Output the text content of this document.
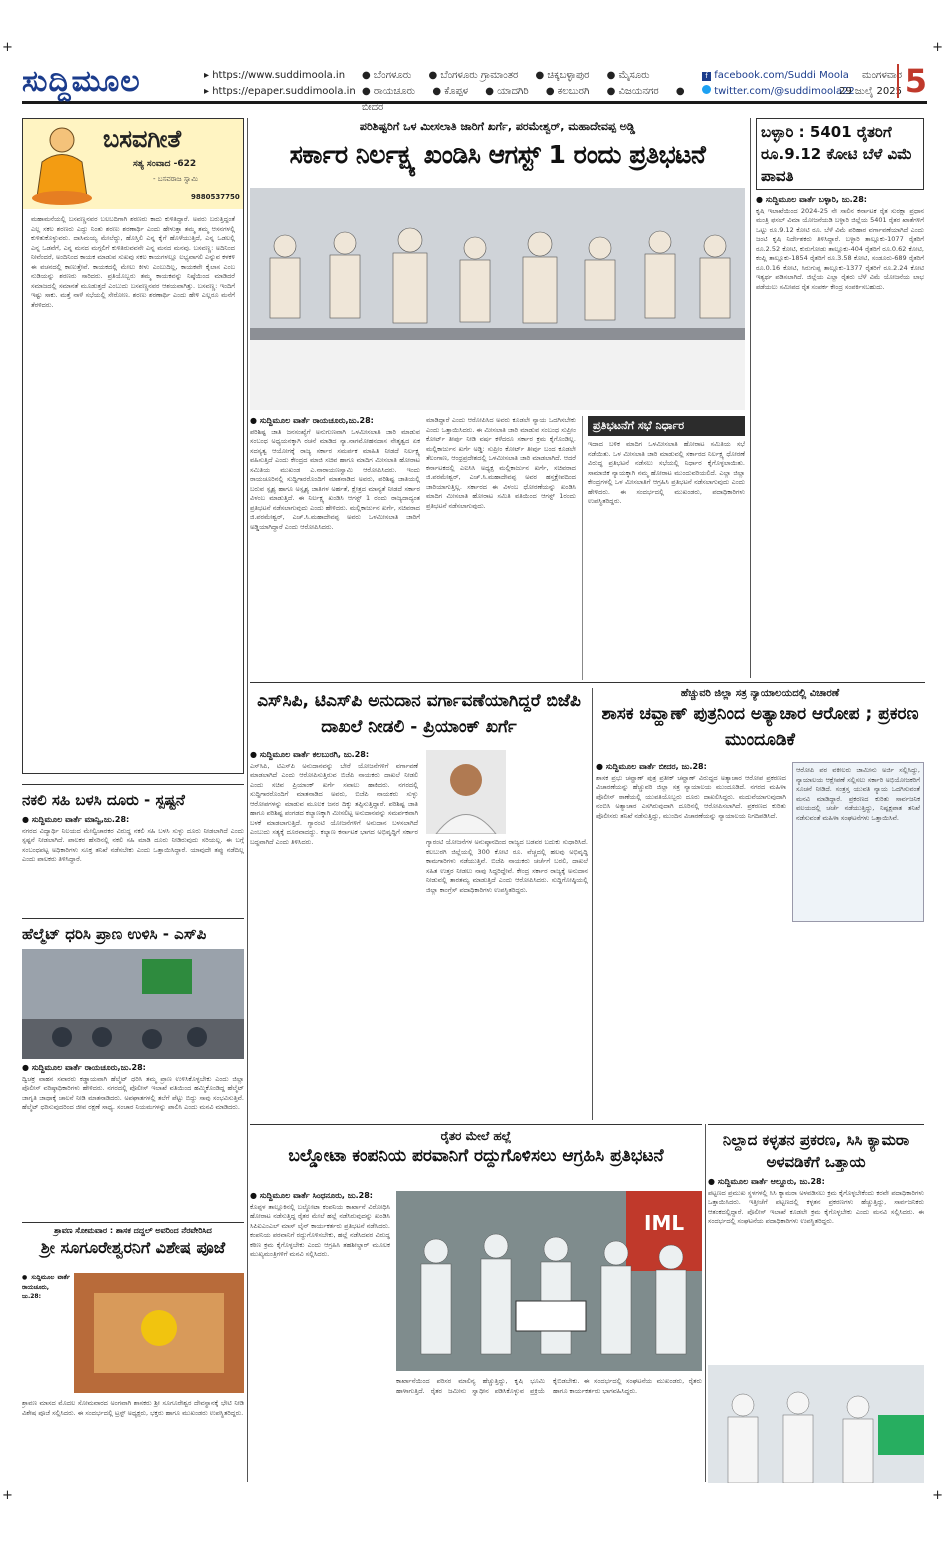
+	+
+	+
ಸುದ್ದಿಮೂಲ	▸ https://www.suddimoola.in
▸ https://epaper.suddimoola.in
● ಬೆಂಗಳೂರು ● ಬೆಂಗಳೂರು ಗ್ರಾಮಾಂತರ ● ಚಿಕ್ಕಬಳ್ಳಾಪುರ ● ಮೈಸೂರು
● ರಾಯಚೂರು ● ಕೊಪ್ಪಳ ● ಯಾದಗಿರಿ ● ಕಲಬುರಗಿ ● ವಿಜಯನಗರ ● ಬೀದರ
f facebook.com/Suddi Moola
twitter.com/@suddimoola22
ಮಂಗಳವಾರ
29 ಜುಲೈ 2025 5
ಬಸವಗೀತೆ
ಸತ್ಯ ಸಂವಾದ -622
- ಬಸವರಾಜ ಸ್ವಾಮಿ
9880537750
ಮಹಾಮನೆಯಲ್ಲಿ ಬಸವಣ್ಣನವರ ಬಲಬದಿಗಾಗಿ ಶರಣರು ಕಾದು ಕುಳಿತಿದ್ದಾರೆ. ಅವರು ಬರುತ್ತಿದ್ದಂತೆ ಎಲ್ಲ ಸಕಲ ಶರಣರು ಎದ್ದು ನಿಂತು ಶರಣು ಶರಣಾರ್ಥಿ ಎಂದು ಹೇಳುತ್ತಾ ತಮ್ಮ ತಮ್ಮ ಆಸನಗಳಲ್ಲಿ ಕುಳಿತುಕೊಳ್ಳುವರು. ದಾಸಿಮಯ್ಯ ಮೇಲೆದ್ದು, ಹೊಸ್ತಿಲಿ ಎನ್ನ ಕೈಗೆ ಹೊಳೆಯುತ್ತಿದೆ, ಎನ್ನ ಒಡಲಲ್ಲಿ ಎನ್ನ ಒಡವೆಗೆ, ಎನ್ನ ಮನದ ಮಗ್ಗಲಿಗೆ ಕುಳಿತಿರುವವನೇ ಎನ್ನ ಮನದ ಮನವು. ಬಸವಣ್ಣ: ಅದಿನಿಂದ ನೀವೆಂದರೆ, ಅಂದಿನಿಂದ ಕಾಯಕ ಮಾಡುವ ಸುಖವು ಸಕಲ ಕಾಯಗಳಲ್ಲೂ ಲಭ್ಯವಾಗಲಿ ಎನ್ನುವ ಕಳಕಳಿ ಈ ವಚನದಲ್ಲಿ ಕಾಣುತ್ತೇವೆ. ಕಾಯಕದಲ್ಲಿ ಮೇಲು ಕೀಳು ಎಂಬುದಿಲ್ಲ, ಕಾಯಕವೇ ಕೈಲಾಸ ಎಂಬ ನುಡಿಯನ್ನು ಶರಣರು ಸಾರಿದರು. ಪ್ರತಿಯೊಬ್ಬರು ತಮ್ಮ ಕಾಯಕವನ್ನು ನಿಷ್ಠೆಯಿಂದ ಮಾಡಿದರೆ ಸಮಾಜದಲ್ಲಿ ಸಮಾನತೆ ಮೂಡುತ್ತದೆ ಎಂಬುದು ಬಸವಣ್ಣನವರ ಆಶಯವಾಗಿತ್ತು. ಬಸವಣ್ಣ: ಇಂದಿಗೆ ಇಷ್ಟು ಸಾಕು. ಮತ್ತೆ ನಾಳೆ ಸಭೆಯಲ್ಲಿ ಸೇರೋಣ. ಶರಣು ಶರಣಾರ್ಥಿ ಎಂದು ಹೇಳಿ ಎಲ್ಲರೂ ಮನೆಗೆ ತೆರಳಿದರು.
ಪರಿಶಿಷ್ಟರಿಗೆ ಒಳ ಮೀಸಲಾತಿ ಜಾರಿಗೆ ಖರ್ಗೆ, ಪರಮೇಶ್ವರ್, ಮಹಾದೇವಪ್ಪ ಅಡ್ಡಿ
ಸರ್ಕಾರ ನಿರ್ಲಕ್ಷ್ಯ ಖಂಡಿಸಿ ಆಗಸ್ಟ್ 1 ರಂದು ಪ್ರತಿಭಟನೆ
● ಸುದ್ದಿಮೂಲ ವಾರ್ತೆ ರಾಯಚೂರು,ಜು.28:
ಪರಿಶಿಷ್ಟ ಜಾತಿ ಜನಸಂಖ್ಯೆಗೆ ಅನುಗುಣವಾಗಿ ಒಳಮೀಸಲಾತಿ ಜಾರಿ ಮಾಡುವ ಸಂಬಂಧ ಅಧ್ಯಯನಕ್ಕಾಗಿ ರಚನೆ ಮಾಡಿದ ನ್ಯಾ.ನಾಗಮೋಹನದಾಸ ನೇತೃತ್ವದ ಏಕ ಸದಸ್ಯತ್ವ ಆಯೋಗಕ್ಕೆ ರಾಜ್ಯ ಸರ್ಕಾರ ಸಮರ್ಪಕ ಮಾಹಿತಿ ನೀಡದೆ ನಿರ್ಲಕ್ಷ್ಯ ವಹಿಸುತ್ತಿದೆ ಎಂದು ಕೇಂದ್ರದ ಮಾಜಿ ಸಚಿವ ಹಾಗೂ ಮಾದಿಗ ಮೀಸಲಾತಿ ಹೋರಾಟ ಸಮಿತಿಯ ಮುಖಂಡ ಎ.ನಾರಾಯಣಸ್ವಾಮಿ ಆರೋಪಿಸಿದರು. ಇಂದು ರಾಯಚೂರಿನಲ್ಲಿ ಸುದ್ದಿಗಾರರೊಂದಿಗೆ ಮಾತನಾಡಿದ ಅವರು, ಪರಿಶಿಷ್ಟ ಜಾತಿಯಲ್ಲಿ ಬರುವ ಸ್ಪೃಶ್ಯ ಹಾಗೂ ಅಸ್ಪೃಶ್ಯ ಜಾತಿಗಳ ಅರ್ಹತೆ, ಕ್ಷೇತ್ರದ ಮಾನ್ಯತೆ ನೀಡದೆ ಸರ್ಕಾರ ವಿಳಂಬ ಮಾಡುತ್ತಿದೆ. ಈ ನಿರ್ಲಕ್ಷ್ಯ ಖಂಡಿಸಿ ಆಗಸ್ಟ್ 1 ರಂದು ರಾಜ್ಯದಾದ್ಯಂತ ಪ್ರತಿಭಟನೆ ನಡೆಸಲಾಗುವುದು ಎಂದು ಹೇಳಿದರು. ಮಲ್ಲಿಕಾರ್ಜುನ ಖರ್ಗೆ, ಸಚಿವರಾದ ಜಿ.ಪರಮೇಶ್ವರ್, ಎಚ್.ಸಿ.ಮಹಾದೇವಪ್ಪ ಅವರು ಒಳಮೀಸಲಾತಿ ಜಾರಿಗೆ ಅಡ್ಡಿಯಾಗಿದ್ದಾರೆ ಎಂದು ಆರೋಪಿಸಿದರು.
ಮಾಡಿದ್ದಾರೆ ಎಂದು ಆರೋಪಿಸಿದ ಅವರು ಕೂಡಲೇ ನ್ಯಾಯ ಒದಗಿಸಬೇಕು ಎಂದು ಒತ್ತಾಯಿಸಿದರು. ಈ ಮೀಸಲಾತಿ ಜಾರಿ ಮಾಡುವ ಸಂಬಂಧ ಸುಪ್ರೀಂ ಕೋರ್ಟ್ ತೀರ್ಪು ನೀಡಿ ವರ್ಷ ಕಳೆದರೂ ಸರ್ಕಾರ ಕ್ರಮ ಕೈಗೊಂಡಿಲ್ಲ. ಮಲ್ಲಿಕಾರ್ಜುನ ಖರ್ಗೆ ಅಡ್ಡಿ: ಸುಪ್ರೀಂ ಕೋರ್ಟ್ ತೀರ್ಪು ಬಂದ ಕೂಡಲೇ ತೆಲಂಗಾಣ, ಆಂಧ್ರಪ್ರದೇಶದಲ್ಲಿ ಒಳಮೀಸಲಾತಿ ಜಾರಿ ಮಾಡಲಾಗಿದೆ. ಆದರೆ ಕರ್ನಾಟಕದಲ್ಲಿ ಎಐಸಿಸಿ ಅಧ್ಯಕ್ಷ ಮಲ್ಲಿಕಾರ್ಜುನ ಖರ್ಗೆ, ಸಚಿವರಾದ ಜಿ.ಪರಮೇಶ್ವರ್, ಎಚ್.ಸಿ.ಮಹಾದೇವಪ್ಪ ಅವರ ಹಸ್ತಕ್ಷೇಪದಿಂದ ಜಾರಿಯಾಗುತ್ತಿಲ್ಲ. ಸರ್ಕಾರದ ಈ ವಿಳಂಬ ಧೋರಣೆಯನ್ನು ಖಂಡಿಸಿ ಮಾದಿಗ ಮೀಸಲಾತಿ ಹೋರಾಟ ಸಮಿತಿ ವತಿಯಿಂದ ಆಗಸ್ಟ್ 1ರಂದು ಪ್ರತಿಭಟನೆ ನಡೆಸಲಾಗುವುದು.
ಪ್ರತಿಭಟನೆಗೆ ಸಭೆ ನಿರ್ಧಾರ
ಇದಾದ ಬಳಿಕ ಮಾದಿಗ ಒಳಮೀಸಲಾತಿ ಹೋರಾಟ ಸಮಿತಿಯ ಸಭೆ ನಡೆಯಿತು. ಒಳ ಮೀಸಲಾತಿ ಜಾರಿ ಮಾಡುವಲ್ಲಿ ಸರ್ಕಾರದ ನಿರ್ಲಕ್ಷ್ಯ ಧೋರಣೆ ವಿರುದ್ಧ ಪ್ರತಿಭಟನೆ ನಡೆಸಲು ಸಭೆಯಲ್ಲಿ ನಿರ್ಧಾರ ಕೈಗೊಳ್ಳಲಾಯಿತು. ಸಾಮಾಜಿಕ ನ್ಯಾಯಕ್ಕಾಗಿ ನಮ್ಮ ಹೋರಾಟ ಮುಂದುವರಿಯಲಿದೆ. ಎಲ್ಲಾ ಜಿಲ್ಲಾ ಕೇಂದ್ರಗಳಲ್ಲಿ ಒಳ ಮೀಸಲಾತಿಗೆ ಆಗ್ರಹಿಸಿ ಪ್ರತಿಭಟನೆ ನಡೆಸಲಾಗುವುದು ಎಂದು ಹೇಳಿದರು. ಈ ಸಂದರ್ಭದಲ್ಲಿ ಮುಖಂಡರು, ಪದಾಧಿಕಾರಿಗಳು ಉಪಸ್ಥಿತರಿದ್ದರು.
ಬಳ್ಳಾರಿ : 5401 ರೈತರಿಗೆ ರೂ.9.12 ಕೋಟಿ ಬೆಳೆ ವಿಮೆ ಪಾವತಿ
● ಸುದ್ದಿಮೂಲ ವಾರ್ತೆ ಬಳ್ಳಾರಿ, ಜು.28:
ಕೃಷಿ ಇಲಾಖೆಯಿಂದ 2024-25 ನೇ ಸಾಲಿನ ಕರ್ನಾಟಕ ರೈತ ಸುರಕ್ಷಾ ಪ್ರಧಾನ ಮಂತ್ರಿ ಫಸಲ್ ವಿಮಾ ಯೋಜನೆಯಡಿ ಬಳ್ಳಾರಿ ಜಿಲ್ಲೆಯ 5401 ರೈತರ ಖಾತೆಗಳಿಗೆ ಒಟ್ಟು ರೂ.9.12 ಕೋಟಿ ರೂ. ಬೆಳೆ ವಿಮೆ ಪರಿಹಾರ ವರ್ಗಾವಣೆಯಾಗಿದೆ ಎಂದು ಜಂಟಿ ಕೃಷಿ ನಿರ್ದೇಶಕರು ತಿಳಿಸಿದ್ದಾರೆ. ಬಳ್ಳಾರಿ ತಾಲ್ಲೂಕು-1077 ರೈತರಿಗೆ ರೂ.2.52 ಕೋಟಿ, ಕುರುಗೋಡು ತಾಲ್ಲೂಕು-404 ರೈತರಿಗೆ ರೂ.0.62 ಕೋಟಿ, ಕಂಪ್ಲಿ ತಾಲ್ಲೂಕು-1854 ರೈತರಿಗೆ ರೂ.3.58 ಕೋಟಿ, ಸಂಡೂರು-689 ರೈತರಿಗೆ ರೂ.0.16 ಕೋಟಿ, ಸಿರುಗುಪ್ಪ ತಾಲ್ಲೂಕು-1377 ರೈತರಿಗೆ ರೂ.2.24 ಕೋಟಿ ಇತ್ಯರ್ಥ ಪಡಿಸಲಾಗಿದೆ. ಜಿಲ್ಲೆಯ ಎಲ್ಲಾ ರೈತರು ಬೆಳೆ ವಿಮೆ ಯೋಜನೆಯ ಲಾಭ ಪಡೆಯಲು ಸಮೀಪದ ರೈತ ಸಂಪರ್ಕ ಕೇಂದ್ರ ಸಂಪರ್ಕಿಸಬಹುದು.
ಎಸ್‌ಸಿಪಿ, ಟಿಎಸ್‌ಪಿ ಅನುದಾನ ವರ್ಗಾವಣೆಯಾಗಿದ್ದರೆ ಬಿಜೆಪಿ ದಾಖಲೆ ನೀಡಲಿ - ಪ್ರಿಯಾಂಕ್ ಖರ್ಗೆ
● ಸುದ್ದಿಮೂಲ ವಾರ್ತೆ ಕಲಬುರಗಿ, ಜು.28:
ಎಸ್‌ಸಿಪಿ, ಟಿಎಸ್‌ಪಿ ಅನುದಾನವನ್ನು ಬೇರೆ ಯೋಜನೆಗಳಿಗೆ ವರ್ಗಾವಣೆ ಮಾಡಲಾಗಿದೆ ಎಂದು ಆರೋಪಿಸುತ್ತಿರುವ ಬಿಜೆಪಿ ನಾಯಕರು ದಾಖಲೆ ನೀಡಲಿ ಎಂದು ಸಚಿವ ಪ್ರಿಯಾಂಕ್ ಖರ್ಗೆ ಸವಾಲು ಹಾಕಿದರು. ನಗರದಲ್ಲಿ ಸುದ್ದಿಗಾರರೊಂದಿಗೆ ಮಾತನಾಡಿದ ಅವರು, ಬಿಜೆಪಿ ನಾಯಕರು ಸುಳ್ಳು ಆರೋಪಗಳನ್ನು ಮಾಡುವ ಮೂಲಕ ಜನರ ದಿಕ್ಕು ತಪ್ಪಿಸುತ್ತಿದ್ದಾರೆ. ಪರಿಶಿಷ್ಟ ಜಾತಿ ಹಾಗೂ ಪರಿಶಿಷ್ಟ ಪಂಗಡದ ಕಲ್ಯಾಣಕ್ಕಾಗಿ ಮೀಸಲಿಟ್ಟ ಅನುದಾನವನ್ನು ಸಮರ್ಪಕವಾಗಿ ಬಳಕೆ ಮಾಡಲಾಗುತ್ತಿದೆ. ಗ್ಯಾರಂಟಿ ಯೋಜನೆಗಳಿಗೆ ಅನುದಾನ ಬಳಸಲಾಗಿದೆ ಎಂಬುದು ಸತ್ಯಕ್ಕೆ ದೂರವಾದದ್ದು. ಕಲ್ಯಾಣ ಕರ್ನಾಟಕ ಭಾಗದ ಅಭಿವೃದ್ಧಿಗೆ ಸರ್ಕಾರ ಬದ್ಧವಾಗಿದೆ ಎಂದು ತಿಳಿಸಿದರು.	ಗ್ಯಾರಂಟಿ ಯೋಜನೆಗಳ ಅನುಷ್ಠಾನದಿಂದ ರಾಜ್ಯದ ಬಡವರ ಬದುಕು ಸುಧಾರಿಸಿದೆ. ಕಲಬುರಗಿ ಜಿಲ್ಲೆಯಲ್ಲಿ 300 ಕೋಟಿ ರೂ. ವೆಚ್ಚದಲ್ಲಿ ಹಲವು ಅಭಿವೃದ್ಧಿ ಕಾಮಗಾರಿಗಳು ನಡೆಯುತ್ತಿವೆ. ಬಿಜೆಪಿ ನಾಯಕರು ಚರ್ಚೆಗೆ ಬರಲಿ, ದಾಖಲೆ ಸಹಿತ ಉತ್ತರ ನೀಡಲು ನಾವು ಸಿದ್ಧರಿದ್ದೇವೆ. ಕೇಂದ್ರ ಸರ್ಕಾರ ರಾಜ್ಯಕ್ಕೆ ಅನುದಾನ ನೀಡುವಲ್ಲಿ ತಾರತಮ್ಯ ಮಾಡುತ್ತಿದೆ ಎಂದು ಆರೋಪಿಸಿದರು. ಸುದ್ದಿಗೋಷ್ಠಿಯಲ್ಲಿ ಜಿಲ್ಲಾ ಕಾಂಗ್ರೆಸ್ ಪದಾಧಿಕಾರಿಗಳು ಉಪಸ್ಥಿತರಿದ್ದರು.
ಹೆಚ್ಚುವರಿ ಜಿಲ್ಲಾ ಸತ್ರ ನ್ಯಾಯಾಲಯದಲ್ಲಿ ವಿಚಾರಣೆ
ಶಾಸಕ ಚವ್ಹಾಣ್ ಪುತ್ರನಿಂದ ಅತ್ಯಾಚಾರ ಆರೋಪ ; ಪ್ರಕರಣ ಮುಂದೂಡಿಕೆ
● ಸುದ್ದಿಮೂಲ ವಾರ್ತೆ ಬೀದರ, ಜು.28:
ಶಾಸಕ ಪ್ರಭು ಚವ್ಹಾಣ್ ಪುತ್ರ ಪ್ರತೀಕ್ ಚವ್ಹಾಣ್ ವಿರುದ್ಧದ ಅತ್ಯಾಚಾರ ಆರೋಪ ಪ್ರಕರಣದ ವಿಚಾರಣೆಯನ್ನು ಹೆಚ್ಚುವರಿ ಜಿಲ್ಲಾ ಸತ್ರ ನ್ಯಾಯಾಲಯ ಮುಂದೂಡಿದೆ. ನಗರದ ಮಹಿಳಾ ಪೊಲೀಸ್ ಠಾಣೆಯಲ್ಲಿ ಯುವತಿಯೊಬ್ಬರು ದೂರು ದಾಖಲಿಸಿದ್ದರು. ಮದುವೆಯಾಗುವುದಾಗಿ ನಂಬಿಸಿ ಅತ್ಯಾಚಾರ ಎಸಗಿರುವುದಾಗಿ ದೂರಿನಲ್ಲಿ ಆರೋಪಿಸಲಾಗಿದೆ. ಪ್ರಕರಣದ ಕುರಿತು ಪೊಲೀಸರು ತನಿಖೆ ನಡೆಸುತ್ತಿದ್ದು, ಮುಂದಿನ ವಿಚಾರಣೆಯನ್ನು ನ್ಯಾಯಾಲಯ ನಿಗದಿಪಡಿಸಿದೆ.
ಆರೋಪಿ ಪರ ವಕೀಲರು ಜಾಮೀನು ಅರ್ಜಿ ಸಲ್ಲಿಸಿದ್ದು, ನ್ಯಾಯಾಲಯ ಆಕ್ಷೇಪಣೆ ಸಲ್ಲಿಸಲು ಸರ್ಕಾರಿ ಅಭಿಯೋಜಕರಿಗೆ ಸೂಚನೆ ನೀಡಿದೆ. ಸಂತ್ರಸ್ತ ಯುವತಿ ನ್ಯಾಯ ಒದಗಿಸುವಂತೆ ಮನವಿ ಮಾಡಿದ್ದಾರೆ. ಪ್ರಕರಣದ ಕುರಿತು ಸಾರ್ವಜನಿಕ ವಲಯದಲ್ಲಿ ಚರ್ಚೆ ನಡೆಯುತ್ತಿದ್ದು, ನಿಷ್ಪಕ್ಷಪಾತ ತನಿಖೆ ನಡೆಸುವಂತೆ ಮಹಿಳಾ ಸಂಘಟನೆಗಳು ಒತ್ತಾಯಿಸಿವೆ.
ನಕಲಿ ಸಹಿ ಬಳಸಿ ದೂರು - ಸ್ಪಷ್ಟನೆ
● ಸುದ್ದಿಮೂಲ ವಾರ್ತೆ ಮಾನ್ವಿ,ಜು.28:
ನಗರದ ವಿದ್ಯಾರ್ಥಿ ನಿಲಯದ ಮೇಲ್ವಿಚಾರಕರ ವಿರುದ್ಧ ನಕಲಿ ಸಹಿ ಬಳಸಿ ಸುಳ್ಳು ದೂರು ನೀಡಲಾಗಿದೆ ಎಂದು ಸ್ಪಷ್ಟನೆ ನೀಡಲಾಗಿದೆ. ಪಾಲಕರ ಹೆಸರಿನಲ್ಲಿ ನಕಲಿ ಸಹಿ ಮಾಡಿ ದೂರು ನೀಡಿರುವುದು ಸರಿಯಲ್ಲ. ಈ ಬಗ್ಗೆ ಸಂಬಂಧಪಟ್ಟ ಅಧಿಕಾರಿಗಳು ಸೂಕ್ತ ತನಿಖೆ ನಡೆಸಬೇಕು ಎಂದು ಒತ್ತಾಯಿಸಿದ್ದಾರೆ. ಯಾವುದೇ ತಪ್ಪು ನಡೆದಿಲ್ಲ ಎಂದು ಪಾಲಕರು ತಿಳಿಸಿದ್ದಾರೆ.
ಹೆಲ್ಮೆಟ್ ಧರಿಸಿ ಪ್ರಾಣ ಉಳಿಸಿ - ಎಸ್‌ಪಿ
● ಸುದ್ದಿಮೂಲ ವಾರ್ತೆ ರಾಯಚೂರು,ಜು.28:
ದ್ವಿಚಕ್ರ ವಾಹನ ಸವಾರರು ಕಡ್ಡಾಯವಾಗಿ ಹೆಲ್ಮೆಟ್ ಧರಿಸಿ ತಮ್ಮ ಪ್ರಾಣ ಉಳಿಸಿಕೊಳ್ಳಬೇಕು ಎಂದು ಜಿಲ್ಲಾ ಪೊಲೀಸ್ ವರಿಷ್ಠಾಧಿಕಾರಿಗಳು ಹೇಳಿದರು. ನಗರದಲ್ಲಿ ಪೊಲೀಸ್ ಇಲಾಖೆ ವತಿಯಿಂದ ಹಮ್ಮಿಕೊಂಡಿದ್ದ ಹೆಲ್ಮೆಟ್ ಜಾಗೃತಿ ಜಾಥಾಕ್ಕೆ ಚಾಲನೆ ನೀಡಿ ಮಾತನಾಡಿದರು. ಅಪಘಾತಗಳಲ್ಲಿ ತಲೆಗೆ ಪೆಟ್ಟು ಬಿದ್ದು ಸಾವು ಸಂಭವಿಸುತ್ತಿವೆ. ಹೆಲ್ಮೆಟ್ ಧರಿಸುವುದರಿಂದ ಜೀವ ರಕ್ಷಣೆ ಸಾಧ್ಯ. ಸಂಚಾರ ನಿಯಮಗಳನ್ನು ಪಾಲಿಸಿ ಎಂದು ಮನವಿ ಮಾಡಿದರು.
ಶ್ರಾವಣ ಸೋಮವಾರ : ಶಾಸಕ ದದ್ದಲ್ ಅವರಿಂದ ನೆರವೇರಿಸಿದ
ಶ್ರೀ ಸೂಗೂರೇಶ್ವರನಿಗೆ ವಿಶೇಷ ಪೂಜೆ
● ಸುದ್ದಿಮೂಲ ವಾರ್ತೆ ರಾಯಚೂರು, ಜು.28:
ಶ್ರಾವಣ ಮಾಸದ ಮೊದಲ ಸೋಮವಾರದ ಅಂಗವಾಗಿ ಶಾಸಕರು ಶ್ರೀ ಸೂಗೂರೇಶ್ವರ ದೇವಸ್ಥಾನಕ್ಕೆ ಭೇಟಿ ನೀಡಿ ವಿಶೇಷ ಪೂಜೆ ಸಲ್ಲಿಸಿದರು. ಈ ಸಂದರ್ಭದಲ್ಲಿ ಟ್ರಸ್ಟ್ ಅಧ್ಯಕ್ಷರು, ಭಕ್ತರು ಹಾಗೂ ಮುಖಂಡರು ಉಪಸ್ಥಿತರಿದ್ದರು.
ರೈತರ ಮೇಲೆ ಹಲ್ಲೆ
ಬಲ್ಡೋಟಾ ಕಂಪನಿಯ ಪರವಾನಿಗೆ ರದ್ದುಗೊಳಿಸಲು ಆಗ್ರಹಿಸಿ ಪ್ರತಿಭಟನೆ
● ಸುದ್ದಿಮೂಲ ವಾರ್ತೆ ಸಿಂಧನೂರು, ಜು.28:
ಕೊಪ್ಪಳ ತಾಲ್ಲೂಕಿನಲ್ಲಿ ಬಲ್ಡೋಟಾ ಕಂಪನಿಯ ಕಾರ್ಖಾನೆ ವಿರೋಧಿಸಿ ಹೋರಾಟ ನಡೆಸುತ್ತಿದ್ದ ರೈತರ ಮೇಲೆ ಹಲ್ಲೆ ನಡೆಸಿರುವುದನ್ನು ಖಂಡಿಸಿ ಸಿಪಿಐಎಂಎಲ್ ಮಾಸ್ ಲೈನ್ ಕಾರ್ಯಕರ್ತರು ಪ್ರತಿಭಟನೆ ನಡೆಸಿದರು. ಕಂಪನಿಯ ಪರವಾನಿಗೆ ರದ್ದುಗೊಳಿಸಬೇಕು, ಹಲ್ಲೆ ನಡೆಸಿದವರ ವಿರುದ್ಧ ಕಠಿಣ ಕ್ರಮ ಕೈಗೊಳ್ಳಬೇಕು ಎಂದು ಆಗ್ರಹಿಸಿ ತಹಶೀಲ್ದಾರ್ ಮೂಲಕ ಮುಖ್ಯಮಂತ್ರಿಗಳಿಗೆ ಮನವಿ ಸಲ್ಲಿಸಿದರು.
IML
ಕಾರ್ಖಾನೆಯಿಂದ ಪರಿಸರ ಮಾಲಿನ್ಯ ಹೆಚ್ಚುತ್ತಿದ್ದು, ಕೃಷಿ ಭೂಮಿ ಹಾಳಾಗುತ್ತಿದೆ. ರೈತರ ಜಮೀನು ಸ್ವಾಧೀನ ಪಡಿಸಿಕೊಳ್ಳುವ ಪ್ರಕ್ರಿಯೆ ಕೈಬಿಡಬೇಕು. ಈ ಸಂದರ್ಭದಲ್ಲಿ ಸಂಘಟನೆಯ ಮುಖಂಡರು, ರೈತರು ಹಾಗೂ ಕಾರ್ಯಕರ್ತರು ಭಾಗವಹಿಸಿದ್ದರು.
ನಿಲ್ದಾದ ಕಳ್ಳತನ ಪ್ರಕರಣ, ಸಿಸಿ ಕ್ಯಾಮರಾ ಅಳವಡಿಕೆಗೆ ಒತ್ತಾಯ
● ಸುದ್ದಿಮೂಲ ವಾರ್ತೆ ಆಲ್ದೂರು, ಜು.28:
ಪಟ್ಟಣದ ಪ್ರಮುಖ ಸ್ಥಳಗಳಲ್ಲಿ ಸಿಸಿ ಕ್ಯಾಮರಾ ಅಳವಡಿಸಲು ಕ್ರಮ ಕೈಗೊಳ್ಳಬೇಕೆಂದು ಕರವೇ ಪದಾಧಿಕಾರಿಗಳು ಒತ್ತಾಯಿಸಿದರು. ಇತ್ತೀಚೆಗೆ ಪಟ್ಟಣದಲ್ಲಿ ಕಳ್ಳತನ ಪ್ರಕರಣಗಳು ಹೆಚ್ಚುತ್ತಿದ್ದು, ಸಾರ್ವಜನಿಕರು ಆತಂಕದಲ್ಲಿದ್ದಾರೆ. ಪೊಲೀಸ್ ಇಲಾಖೆ ಕೂಡಲೇ ಕ್ರಮ ಕೈಗೊಳ್ಳಬೇಕು ಎಂದು ಮನವಿ ಸಲ್ಲಿಸಿದರು. ಈ ಸಂದರ್ಭದಲ್ಲಿ ಸಂಘಟನೆಯ ಪದಾಧಿಕಾರಿಗಳು ಉಪಸ್ಥಿತರಿದ್ದರು.
